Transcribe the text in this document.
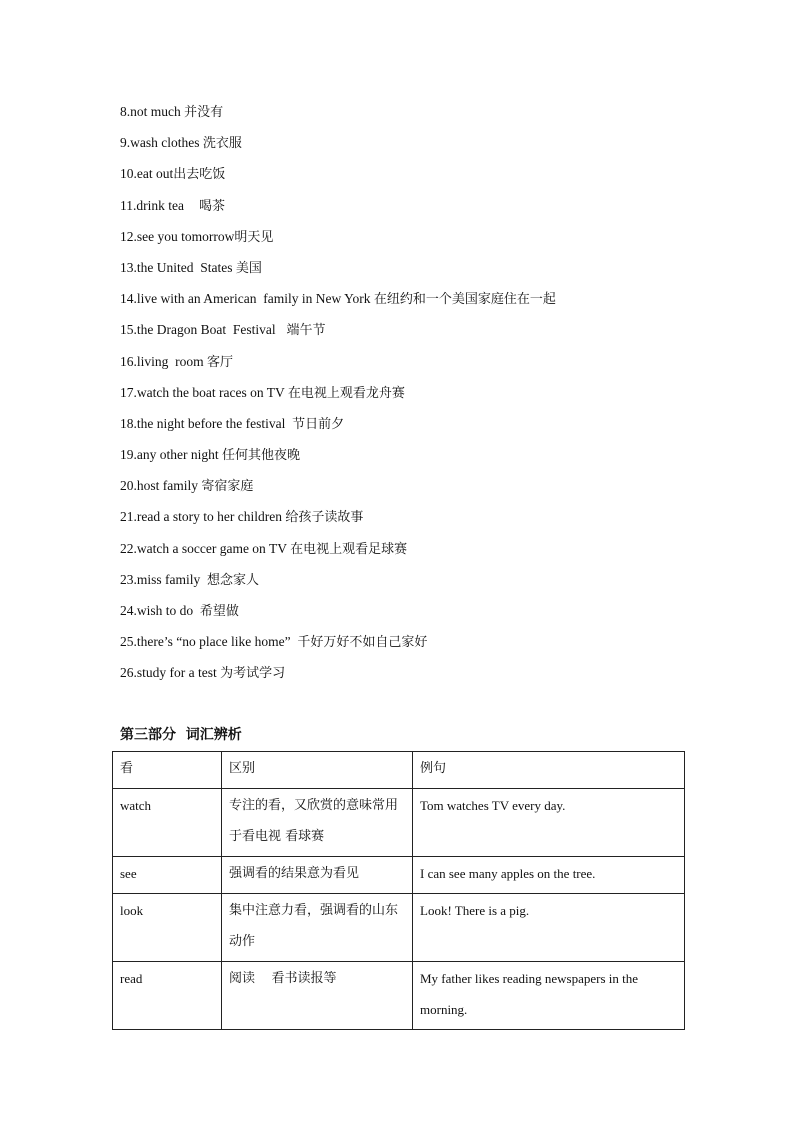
8.not much 并没有
9.wash clothes 洗衣服
10.eat out出去吃饭
11.drink tea    喝茶
12.see you tomorrow明天见
13.the United  States 美国
14.live with an American  family in New York 在纽约和一个美国家庭住在一起
15.the Dragon Boat  Festival   端午节
16.living  room 客厅
17.watch the boat races on TV 在电视上观看龙舟赛
18.the night before the festival  节日前夕
19.any other night 任何其他夜晚
20.host family 寄宿家庭
21.read a story to her children 给孩子读故事
22.watch a soccer game on TV 在电视上观看足球赛
23.miss family  想念家人
24.wish to do  希望做
25.there’s “no place like home”  千好万好不如自己家好
26.study for a test 为考试学习
第三部分  词汇辨析
看	区别	例句

watch	专注的看，又欣赏的意味常用于看电视 看球赛	Tom watches TV every day.

see	强调看的结果意为看见	I can see many apples on the tree.

look	集中注意力看，强调看的山东动作	Look! There is a pig.

read	阅读    看书读报等	My father likes reading newspapers in the morning.
